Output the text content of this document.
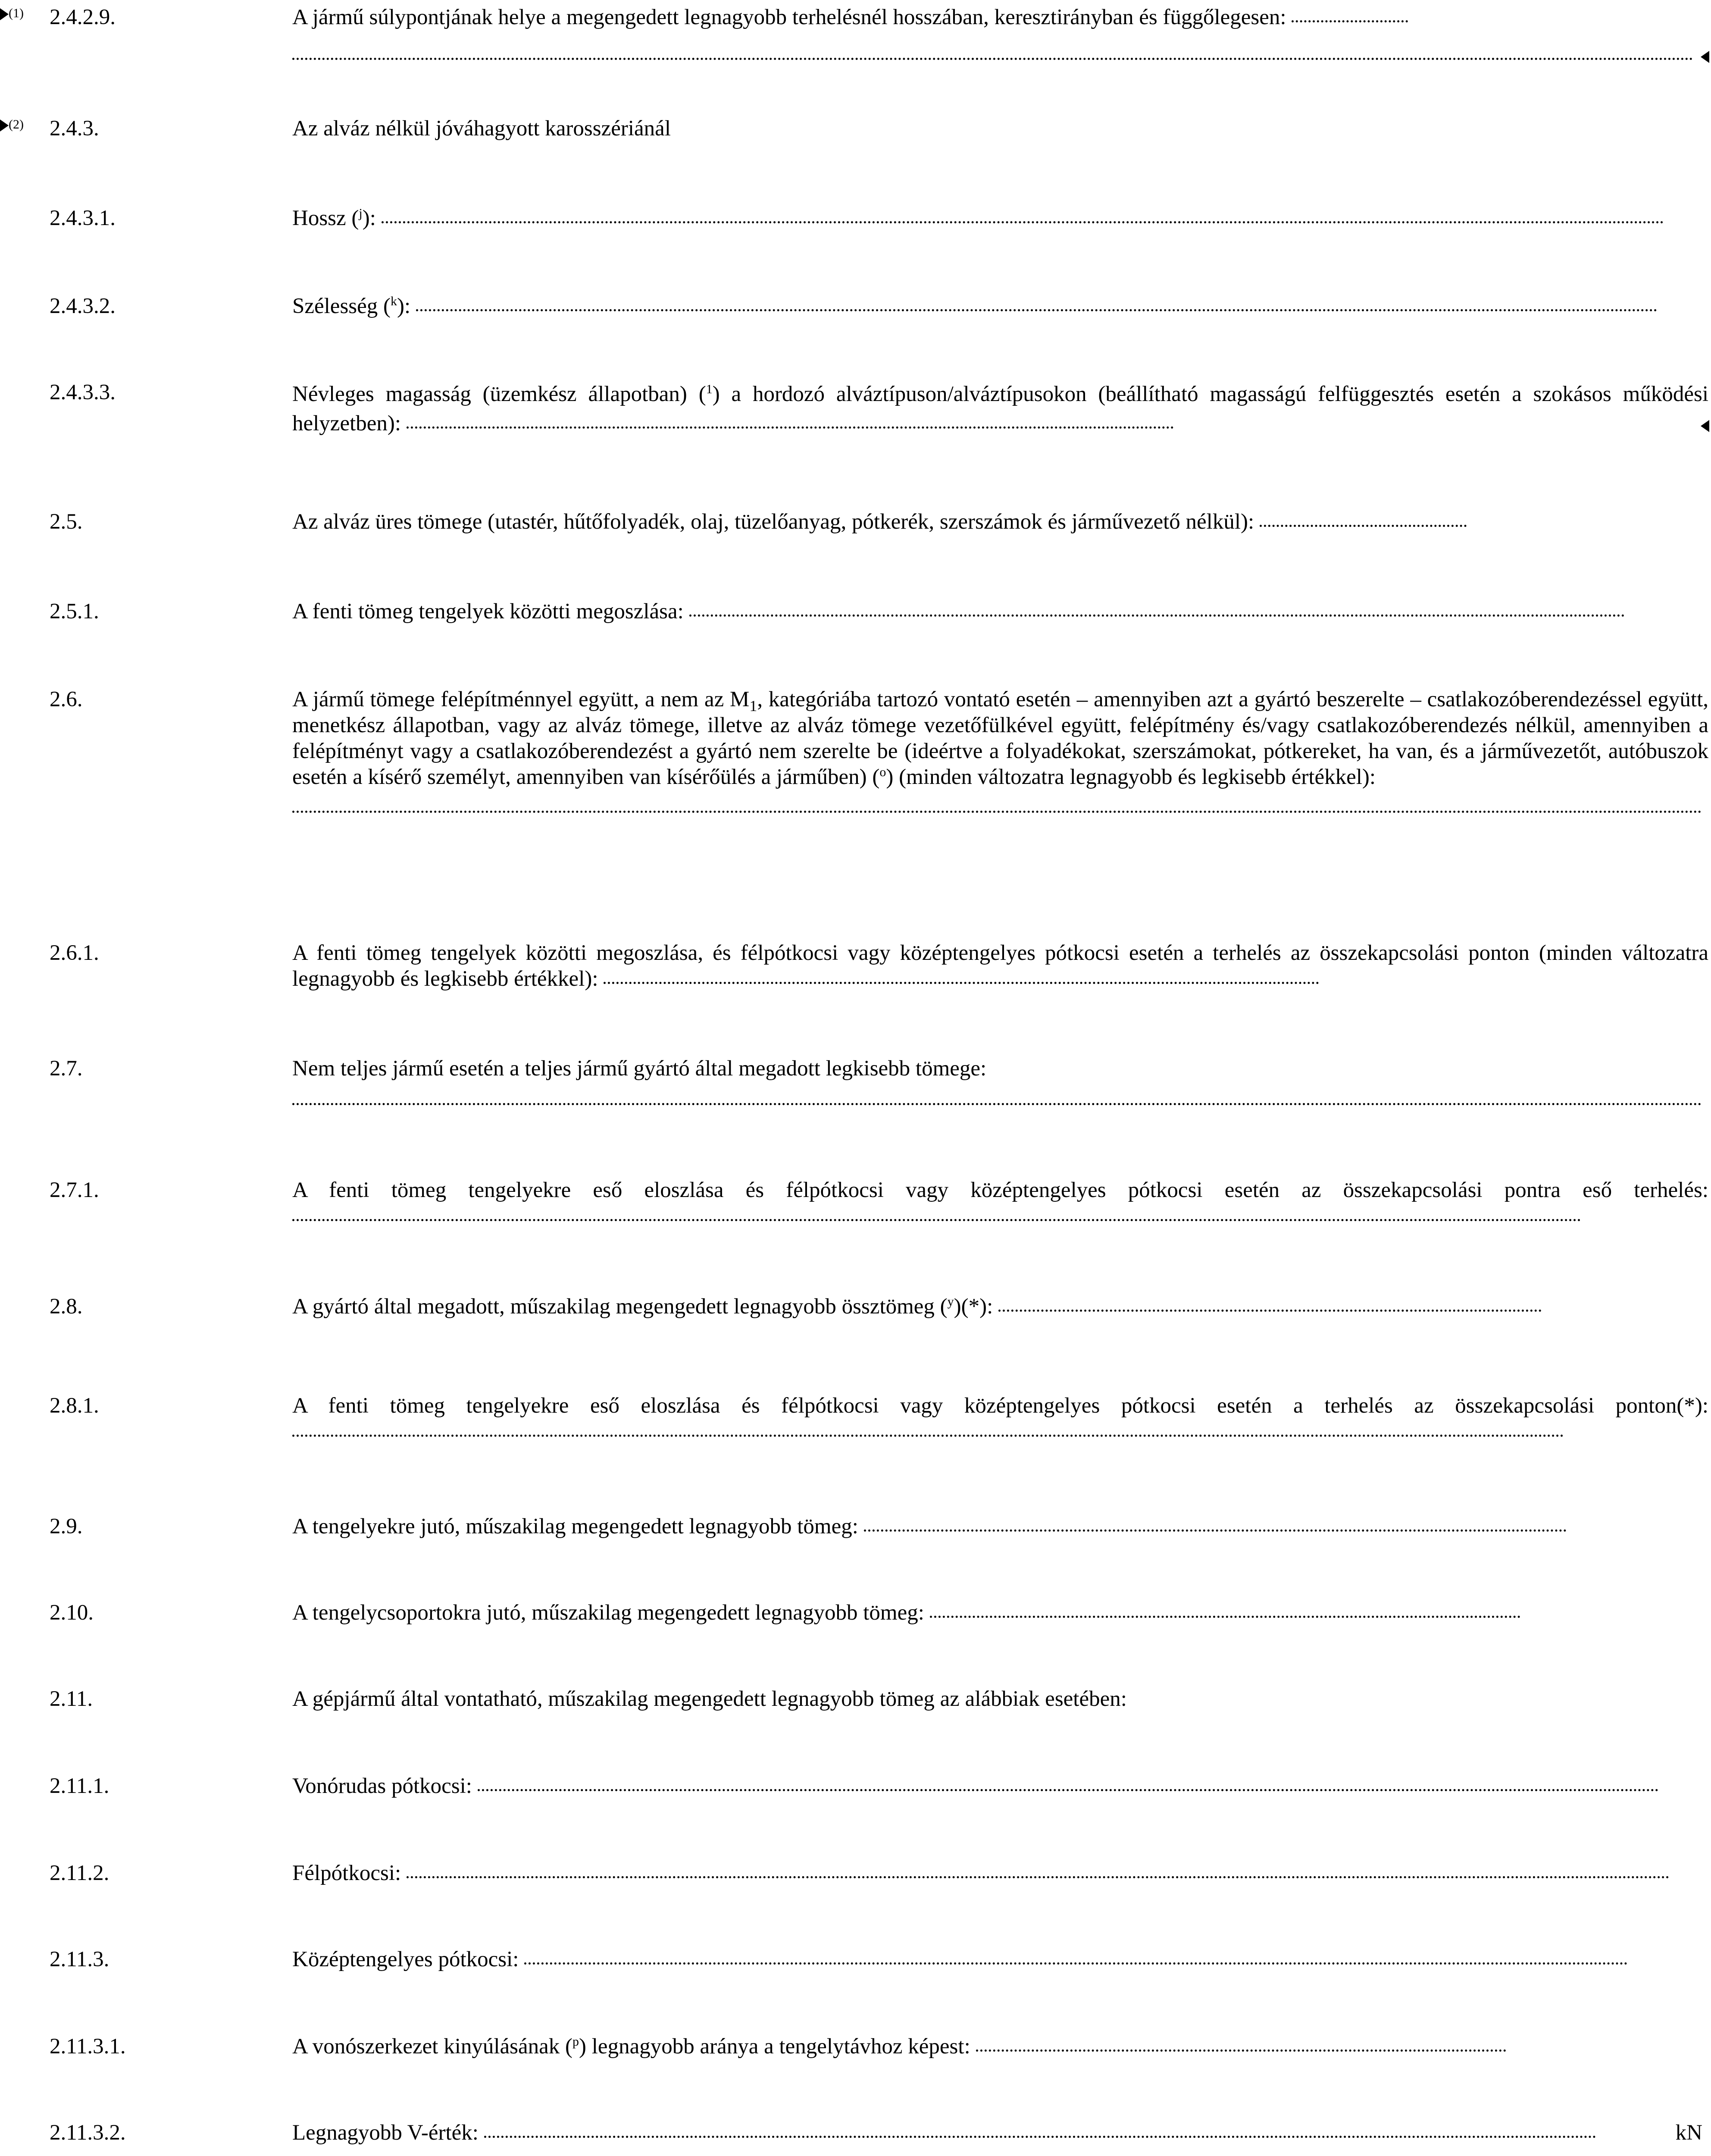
(1) 2.4.2.9.	A jármű súlypontjának helye a megengedett legnagyobb terhelésnél hosszában, keresztirányban és függőlegesen:
(2) 2.4.3.	Az alváz nélkül jóváhagyott karosszériánál
2.4.3.1.	Hossz ($^j$):
2.4.3.2.	Szélesség ($^k$):
2.4.3.3.	Névleges magasság (üzemkész állapotban) ($^1$) a hordozó alváztípuson/alváztípusokon (beállítható magasságú felfüggesztés esetén a szokásos működési helyzetben):
2.5.	Az alváz üres tömege (utastér, hűtőfolyadék, olaj, tüzelőanyag, pótkerék, szerszámok és járművezető nélkül):
2.5.1.	A fenti tömeg tengelyek közötti megoszlása:
2.6.	A jármű tömege felépítménnyel együtt, a nem az $M_1$, kategóriába tartozó vontató esetén – amennyiben azt a gyártó beszerelte – csatlakozóberendezéssel együtt, menetkész állapotban, vagy az alváz tömege, illetve az alváz tömege vezetőfülkével együtt, felépítmény és/vagy csatlakozóberendezés nélkül, amennyiben a felépítményt vagy a csatlakozóberendezést a gyártó nem szerelte be (ideértve a folyadékokat, szerszámokat, pótkereket, ha van, és a járművezetőt, autóbuszok esetén a kísérő személyt, amennyiben van kísérőülés a járműben) ($^o$) (minden változatra legnagyobb és legkisebb értékkel):
2.6.1.	A fenti tömeg tengelyek közötti megoszlása, és félpótkocsi vagy középtengelyes pótkocsi esetén a terhelés az összekapcsolási ponton (minden változatra legnagyobb és legkisebb értékkel):
2.7.	Nem teljes jármű esetén a teljes jármű gyártó által megadott legkisebb tömege:
2.7.1.	A fenti tömeg tengelyekre eső eloszlása és félpótkocsi vagy középtengelyes pótkocsi esetén az összekapcsolási pontra eső terhelés:
2.8.	A gyártó által megadott, műszakilag megengedett legnagyobb össztömeg ($^y$)(*):
2.8.1.	A fenti tömeg tengelyekre eső eloszlása és félpótkocsi vagy középtengelyes pótkocsi esetén a terhelés az összekapcsolási ponton(*):
2.9.	A tengelyekre jutó, műszakilag megengedett legnagyobb tömeg:
2.10.	A tengelycsoportokra jutó, műszakilag megengedett legnagyobb tömeg:
2.11.	A gépjármű által vontatható, műszakilag megengedett legnagyobb tömeg az alábbiak esetében:
2.11.1.	Vonórudas pótkocsi:
2.11.2.	Félpótkocsi:
2.11.3.	Középtengelyes pótkocsi:
2.11.3.1.	A vonószerkezet kinyúlásának ($^p$) legnagyobb aránya a tengelytávhoz képest:
2.11.3.2.	Legnagyobb V-érték:	kN
